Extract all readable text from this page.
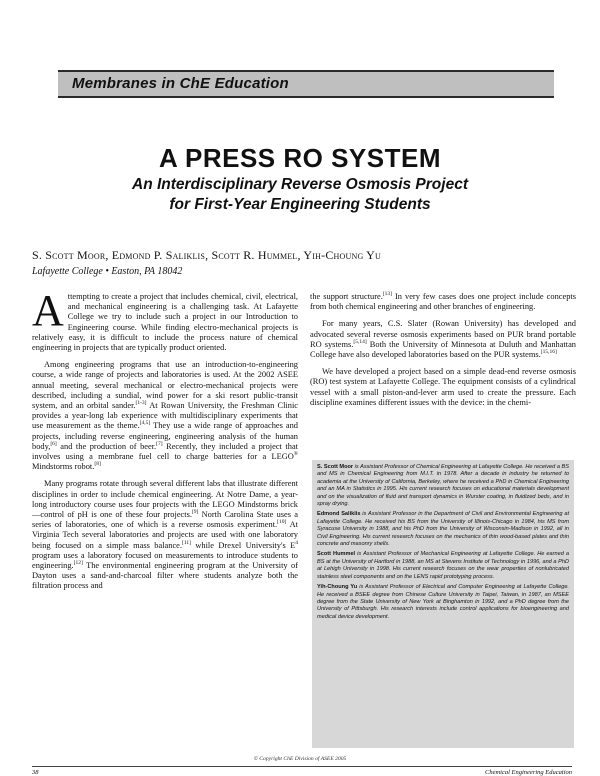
Membranes in ChE Education
A PRESS RO SYSTEM
An Interdisciplinary Reverse Osmosis Project
for First-Year Engineering Students
S. Scott Moor, Edmond P. Saliklis, Scott R. Hummel, Yih-Choung Yu
Lafayette College • Easton, PA 18042

Attempting to create a project that includes chemical, civil, electrical, and mechanical engineering is a challenging task. At Lafayette College we try to include such a project in our Introduction to Engineering course. While finding electro-mechanical projects is relatively easy, it is difficult to include the process nature of chemical engineering in projects that are typically product oriented.

Among engineering programs that use an introduction-to-engineering course, a wide range of projects and laboratories is used. At the 2002 ASEE annual meeting, several mechanical or electro-mechanical projects were described, including a sundial, wind power for a ski resort public-transit system, and an orbital sander.[1-3] At Rowan University, the Freshman Clinic provides a year-long lab experience with multidisciplinary experiments that use measurement as the theme.[4,5] They use a wide range of approaches and projects, including reverse engineering, engineering analysis of the human body,[6] and the production of beer.[7] Recently, they included a project that involves using a membrane fuel cell to charge batteries for a LEGO® Mindstorms robot.[8]

Many programs rotate through several different labs that illustrate different disciplines in order to include chemical engineering. At Notre Dame, a year-long introductory course uses four projects with the LEGO Mindstorms brick—control of pH is one of these four projects.[9] North Carolina State uses a series of laboratories, one of which is a reverse osmosis experiment.[10] At Virginia Tech several laboratories and projects are used with one laboratory being focused on a simple mass balance.[11] while Drexel University's $E^4$ program uses a laboratory focused on measurements to introduce students to engineering.[12] The environmental engineering program at the University of Dayton uses a sand-and-charcoal filter where students analyze both the filtration process and

the support structure.[13] In very few cases does one project include concepts from both chemical engineering and other branches of engineering.

For many years, C.S. Slater (Rowan University) has developed and advocated several reverse osmosis experiments based on PUR brand portable RO systems.[5,14] Both the University of Minnesota at Duluth and Manhattan College have also developed laboratories based on the PUR systems.[15,16]

We have developed a project based on a simple dead-end reverse osmosis (RO) test system at Lafayette College. The equipment consists of a cylindrical vessel with a small piston-and-lever arm used to create the pressure. Each discipline examines different issues with the device: in the chemi-

S. Scott Moor is Assistant Professor of Chemical Engineering at Lafayette College. He received a BS and MS in Chemical Engineering from M.I.T. in 1978. After a decade in industry he returned to academia at the University of California, Berkeley, where he received a PhD in Chemical Engineering and an MA in Statistics in 1995. His current research focuses on educational materials development and on the visualization of fluid and transport dynamics in Wurster coating, in fluidized beds, and in spray drying.

Edmond Saliklis is Assistant Professor in the Department of Civil and Environmental Engineering at Lafayette College. He received his BS from the University of Illinois-Chicago in 1984, his MS from Syracuse University in 1988, and his PhD from the University of Wisconsin-Madison in 1992, all in Civil Engineering. His current research focuses on the mechanics of thin wood-based plates and thin concrete and masonry shells.

Scott Hummel is Assistant Professor of Mechanical Engineering at Lafayette College. He earned a BS at the University of Hartford in 1988, an MS at Stevens Institute of Technology in 1996, and a PhD at Lehigh University in 1998. His current research focuses on the wear properties of nonlubricated stainless steel components and on the LENS rapid prototyping process.

Yih-Choung Yu is Assistant Professor of Electrical and Computer Engineering at Lafayette College. He received a BSEE degree from Chinese Culture University in Taipei, Taiwan, in 1987, an MSEE degree from the State University of New York at Binghamton in 1992, and a PhD degree from the University of Pittsburgh. His research interests include control applications for bioengineering and medical device development.

© Copyright ChE Division of ASEE 2005
38	Chemical Engineering Education
